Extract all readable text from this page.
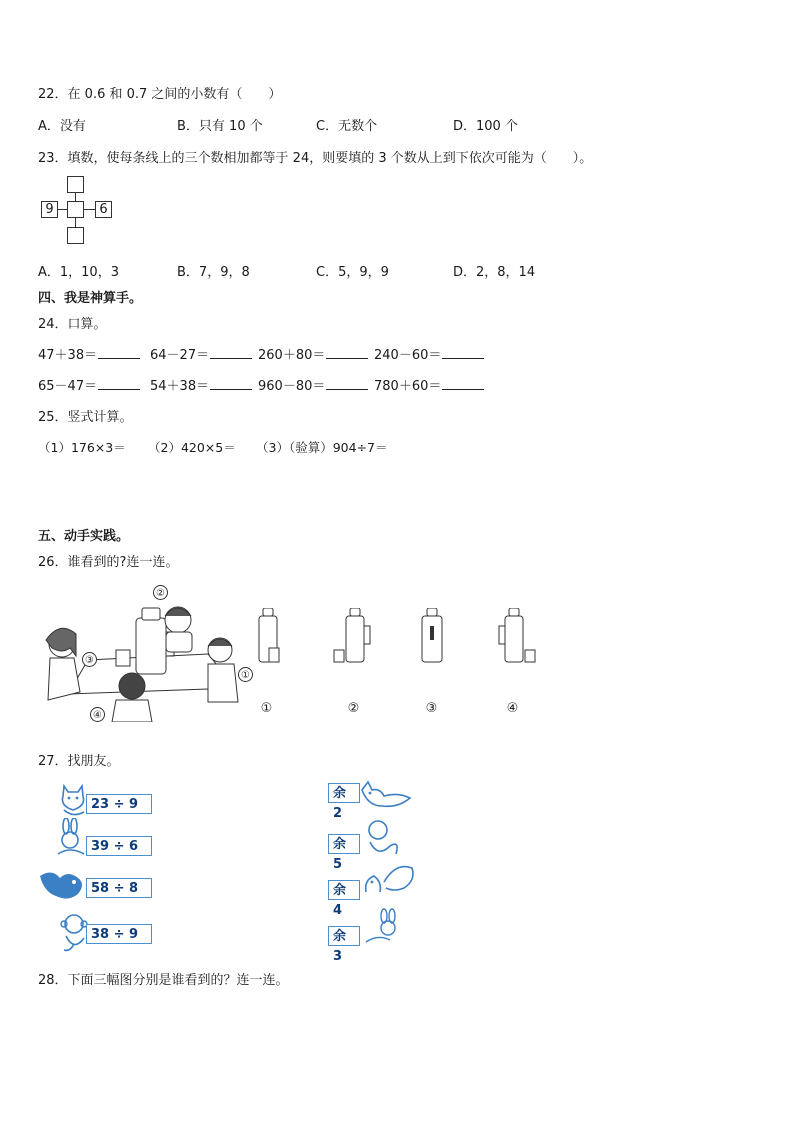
22．在 0.6 和 0.7 之间的小数有（　　）
A．没有	B．只有 10 个	C．无数个	D．100 个
23．填数，使每条线上的三个数相加都等于 24，则要填的 3 个数从上到下依次可能为（　　）。
9	6
A．1，10，3	B．7，9，8	C．5，9，9	D．2，8，14
四、我是神算手。
24．口算。
47＋38＝	64－27＝	260＋80＝	240－60＝
65－47＝	54＋38＝	960－80＝	780＋60＝
25．竖式计算。
（1）176×3＝ （2）420×5＝ （3）（验算）904÷7＝
五、动手实践。
26．谁看到的?连一连。
②
③
①
④	①	②	③	④
27．找朋友。
23 ÷ 9
39 ÷ 6
58 ÷ 8
38 ÷ 9
余2
余5
余4
余3
28．下面三幅图分别是谁看到的？连一连。
